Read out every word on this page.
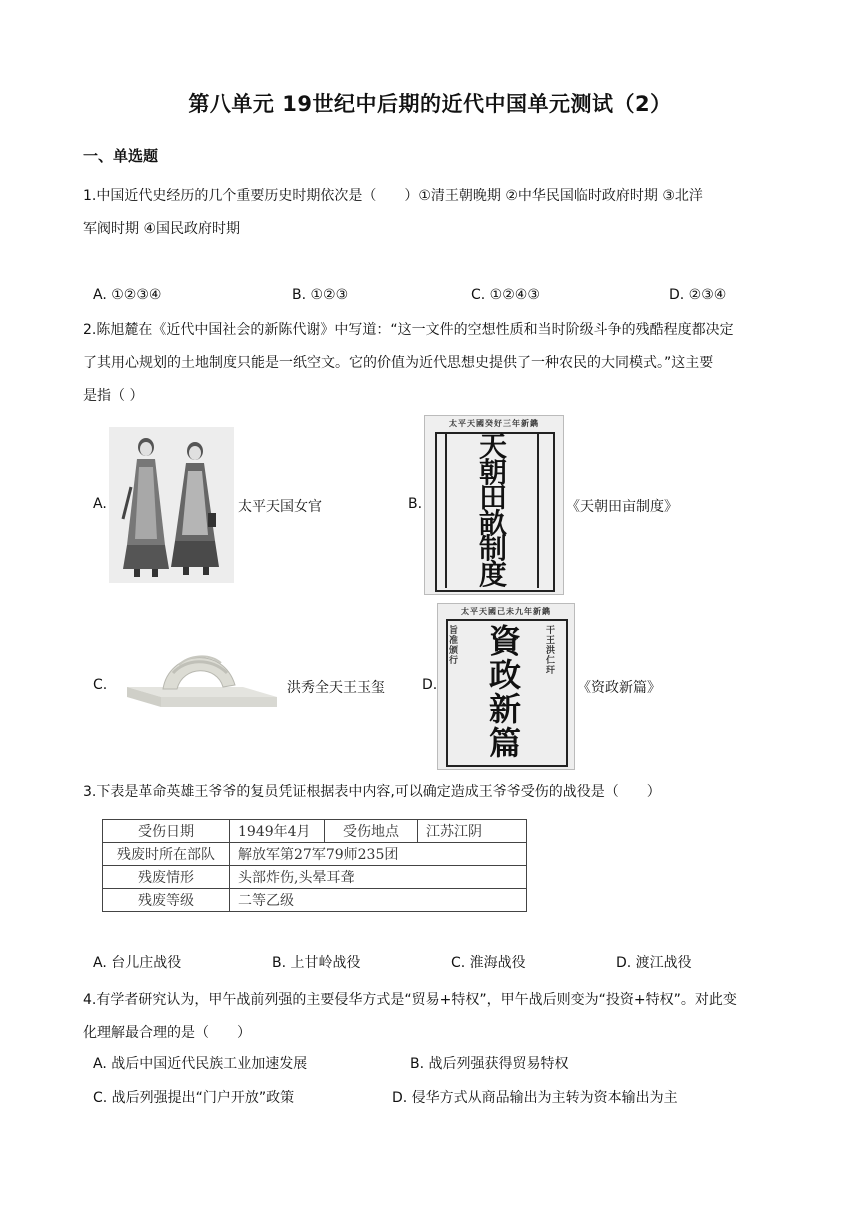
第八单元 19世纪中后期的近代中国单元测试（2）
一、单选题
1.中国近代史经历的几个重要历史时期依次是（　　）①清王朝晚期 ②中华民国临时政府时期 ③北洋
军阀时期 ④国民政府时期
A. ①②③④	B. ①②③	C. ①②④③	D. ②③④
2.陈旭麓在《近代中国社会的新陈代谢》中写道：“这一文件的空想性质和当时阶级斗争的残酷程度都决定
了其用心规划的土地制度只能是一纸空文。它的价值为近代思想史提供了一种农民的大同模式。”这主要
是指（ ）
A.	太平天国女官	B.
太平天國癸好三年新鐫
天
朝
田
畝
制
度
《天朝田亩制度》
C.	洪秀全天王玉玺	D.
太平天國己未九年新鐫
旨准颁行
干王洪仁玕
資
政
新
篇
《资政新篇》
3.下表是革命英雄王爷爷的复员凭证根据表中内容,可以确定造成王爷爷受伤的战役是（　　）
受伤日期	1949年4月	受伤地点	江苏江阴
残废时所在部队	解放军第27军79师235团		
残废情形	头部炸伤,头晕耳聋		
残废等级	二等乙级		
A. 台儿庄战役	B. 上甘岭战役	C. 淮海战役	D. 渡江战役
4.有学者研究认为，甲午战前列强的主要侵华方式是“贸易+特权”，甲午战后则变为“投资+特权”。对此变
化理解最合理的是（　　）
A. 战后中国近代民族工业加速发展	B. 战后列强获得贸易特权
C. 战后列强提出“门户开放”政策	D. 侵华方式从商品输出为主转为资本输出为主
